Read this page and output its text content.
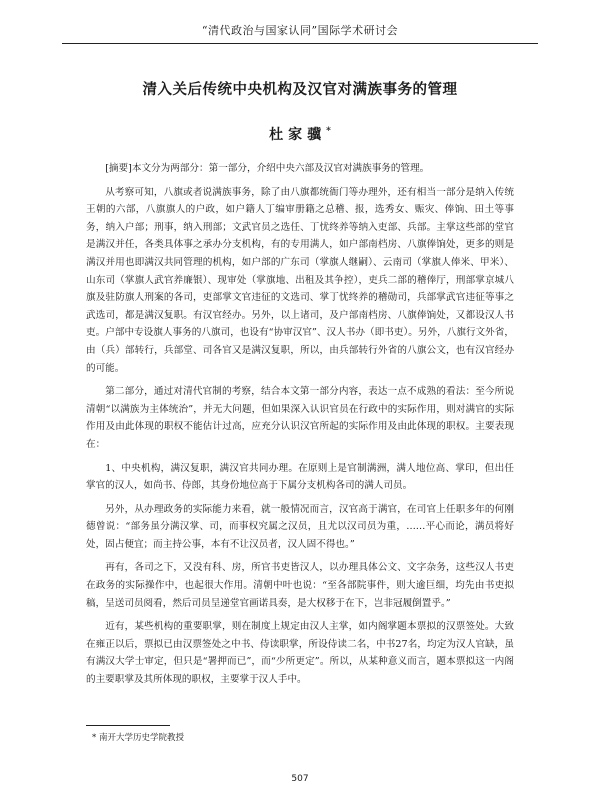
“清代政治与国家认同”国际学术研讨会
清入关后传统中央机构及汉官对满族事务的管理
杜家骥*

[摘要]本文分为两部分：第一部分，介绍中央六部及汉官对满族事务的管理。

从考察可知，八旗或者说满族事务，除了由八旗都统衙门等办理外，还有相当一部分是纳入传统王朝的六部，八旗旗人的户政，如户籍人丁编审册籍之总稽、报，选秀女、赈灾、俸饷、田土等事务，纳入户部；刑事，纳入刑部；文武官员之选任、丁忧终养等纳入吏部、兵部。主掌这些部的堂官是满汉并任，各类具体事之承办分支机构，有的专用满人，如户部南档房、八旗俸饷处，更多的则是满汉并用也即满汉共同管理的机构，如户部的广东司（掌旗人继嗣）、云南司（掌旗人俸米、甲米）、山东司（掌旗人武官养廉银）、现审处（掌旗地、出租及其争控），吏兵二部的稽俸厅，刑部掌京城八旗及驻防旗人刑案的各司，吏部掌文官违征的文选司、掌丁忧终养的稽勋司，兵部掌武官违征等事之武选司，都是满汉复职。有汉官经办。另外，以上诸司，及户部南档房、八旗俸饷处，又都设汉人书吏。户部中专设旗人事务的八旗司，也设有“协审汉官”、汉人书办（即书吏）。另外，八旗行文外省，由（兵）部转行，兵部堂、司各官又是满汉复职，所以，由兵部转行外省的八旗公文，也有汉官经办的可能。

第二部分，通过对清代官制的考察，结合本文第一部分内容，表达一点不成熟的看法：至今所说清朝“以满族为主体统治”，并无大问题，但如果深入认识官员在行政中的实际作用，则对满官的实际作用及由此体现的职权不能估计过高，应充分认识汉官所起的实际作用及由此体现的职权。主要表现在：

1、中央机构，满汉复职，满汉官共同办理。在原则上是官制满洲，满人地位高、掌印，但出任掌官的汉人，如尚书、侍郎，其身份地位高于下属分支机构各司的满人司员。

另外，从办理政务的实际能力来看，就一般情况而言，汉官高于满官，在司官上任职多年的何刚德曾说：“部务虽分满汉掌、司，而事权究属之汉员，且尤以汉司员为重，……平心而论，满员将好处，固占便宜；而主持公事，本有不让汉员者，汉人固不得也。”

再有，各司之下，又没有科、房，所官书吏皆汉人，以办理具体公文、文字杂务，这些汉人书吏在政务的实际操作中，也起很大作用。清朝中叶也说：“至各部院事件，则大逾巨细，均先由书吏拟稿，呈送司员阅看，然后司员呈递堂官画诺具奏，是大权移于在下，岂非冠履倒置乎。”

近有，某些机构的重要职掌，则在制度上规定由汉人主掌，如内阁掌题本票拟的汉票签处。大致在雍正以后，票拟已由汉票签处之中书、侍读职掌，所设侍读二名，中书27名，均定为汉人官缺，虽有满汉大学士审定，但只是“署押而已”，而“少所更定”。所以，从某种意义而言，题本票拟这一内阁的主要职掌及其所体现的职权，主要掌于汉人手中。

* 南开大学历史学院教授
507
